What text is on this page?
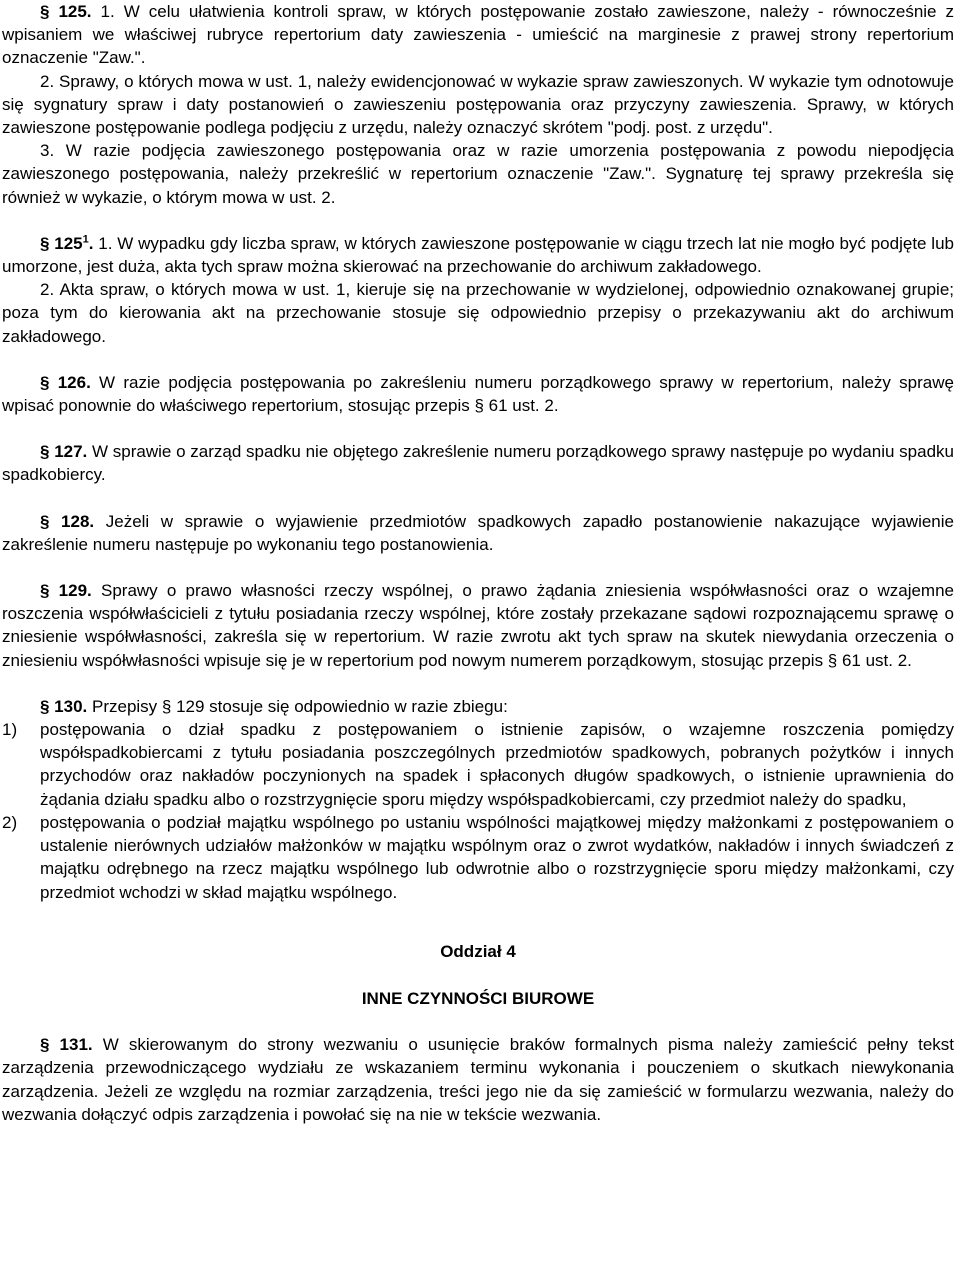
§ 125. 1. W celu ułatwienia kontroli spraw, w których postępowanie zostało zawieszone, należy - równocześnie z wpisaniem we właściwej rubryce repertorium daty zawieszenia - umieścić na marginesie z prawej strony repertorium oznaczenie "Zaw.".

2. Sprawy, o których mowa w ust. 1, należy ewidencjonować w wykazie spraw zawieszonych. W wykazie tym odnotowuje się sygnatury spraw i daty postanowień o zawieszeniu postępowania oraz przyczyny zawieszenia. Sprawy, w których zawieszone postępowanie podlega podjęciu z urzędu, należy oznaczyć skrótem "podj. post. z urzędu".

3. W razie podjęcia zawieszonego postępowania oraz w razie umorzenia postępowania z powodu niepodjęcia zawieszonego postępowania, należy przekreślić w repertorium oznaczenie "Zaw.". Sygnaturę tej sprawy przekreśla się również w wykazie, o którym mowa w ust. 2.

§ $125^1$. 1. W wypadku gdy liczba spraw, w których zawieszone postępowanie w ciągu trzech lat nie mogło być podjęte lub umorzone, jest duża, akta tych spraw można skierować na przechowanie do archiwum zakładowego.

2. Akta spraw, o których mowa w ust. 1, kieruje się na przechowanie w wydzielonej, odpowiednio oznakowanej grupie; poza tym do kierowania akt na przechowanie stosuje się odpowiednio przepisy o przekazywaniu akt do archiwum zakładowego.

§ 126. W razie podjęcia postępowania po zakreśleniu numeru porządkowego sprawy w repertorium, należy sprawę wpisać ponownie do właściwego repertorium, stosując przepis § 61 ust. 2.

§ 127. W sprawie o zarząd spadku nie objętego zakreślenie numeru porządkowego sprawy następuje po wydaniu spadku spadkobiercy.

§ 128. Jeżeli w sprawie o wyjawienie przedmiotów spadkowych zapadło postanowienie nakazujące wyjawienie zakreślenie numeru następuje po wykonaniu tego postanowienia.

§ 129. Sprawy o prawo własności rzeczy wspólnej, o prawo żądania zniesienia współwłasności oraz o wzajemne roszczenia współwłaścicieli z tytułu posiadania rzeczy wspólnej, które zostały przekazane sądowi rozpoznającemu sprawę o zniesienie współwłasności, zakreśla się w repertorium. W razie zwrotu akt tych spraw na skutek niewydania orzeczenia o zniesieniu współwłasności wpisuje się je w repertorium pod nowym numerem porządkowym, stosując przepis § 61 ust. 2.

§ 130. Przepisy § 129 stosuje się odpowiednio w razie zbiegu:

1)	postępowania o dział spadku z postępowaniem o istnienie zapisów, o wzajemne roszczenia pomiędzy współspadkobiercami z tytułu posiadania poszczególnych przedmiotów spadkowych, pobranych pożytków i innych przychodów oraz nakładów poczynionych na spadek i spłaconych długów spadkowych, o istnienie uprawnienia do żądania działu spadku albo o rozstrzygnięcie sporu między współspadkobiercami, czy przedmiot należy do spadku,
2)	postępowania o podział majątku wspólnego po ustaniu wspólności majątkowej między małżonkami z postępowaniem o ustalenie nierównych udziałów małżonków w majątku wspólnym oraz o zwrot wydatków, nakładów i innych świadczeń z majątku odrębnego na rzecz majątku wspólnego lub odwrotnie albo o rozstrzygnięcie sporu między małżonkami, czy przedmiot wchodzi w skład majątku wspólnego.

Oddział 4

INNE CZYNNOŚCI BIUROWE

§ 131. W skierowanym do strony wezwaniu o usunięcie braków formalnych pisma należy zamieścić pełny tekst zarządzenia przewodniczącego wydziału ze wskazaniem terminu wykonania i pouczeniem o skutkach niewykonania zarządzenia. Jeżeli ze względu na rozmiar zarządzenia, treści jego nie da się zamieścić w formularzu wezwania, należy do wezwania dołączyć odpis zarządzenia i powołać się na nie w tekście wezwania.
